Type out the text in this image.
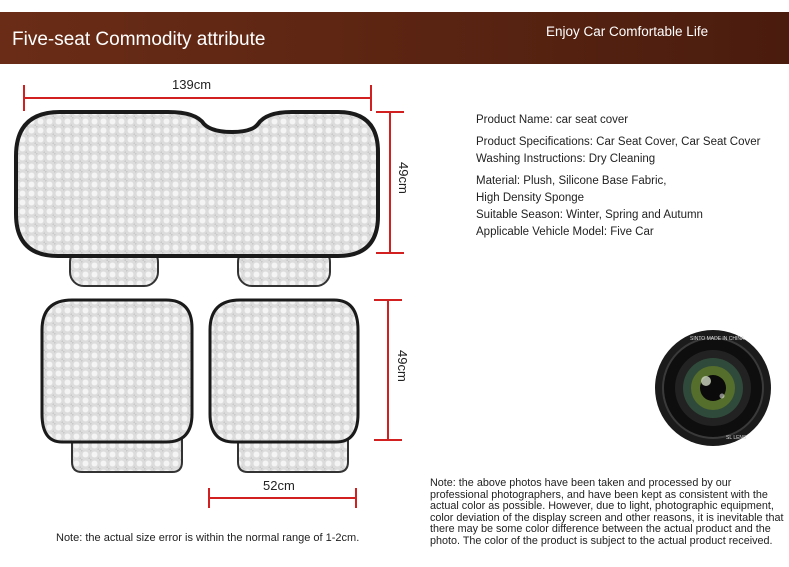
Five-seat Commodity attribute	Enjoy Car Comfortable Life
139cm
49cm
49cm
52cm
SINTO MADE IN CHINA
SL LENS
Product Name: car seat cover
Product Specifications: Car Seat Cover, Car Seat Cover
Washing Instructions: Dry Cleaning
Material: Plush, Silicone Base Fabric,
High Density Sponge
Suitable Season: Winter, Spring and Autumn
Applicable Vehicle Model: Five Car
Note: the actual size error is within the normal range of 1-2cm.
Note: the above photos have been taken and processed by our professional photographers, and have been kept as consistent with the actual color as possible. However, due to light, photographic equipment, color deviation of the display screen and other reasons, it is inevitable that there may be some color difference between the actual product and the photo. The color of the product is subject to the actual product received.
